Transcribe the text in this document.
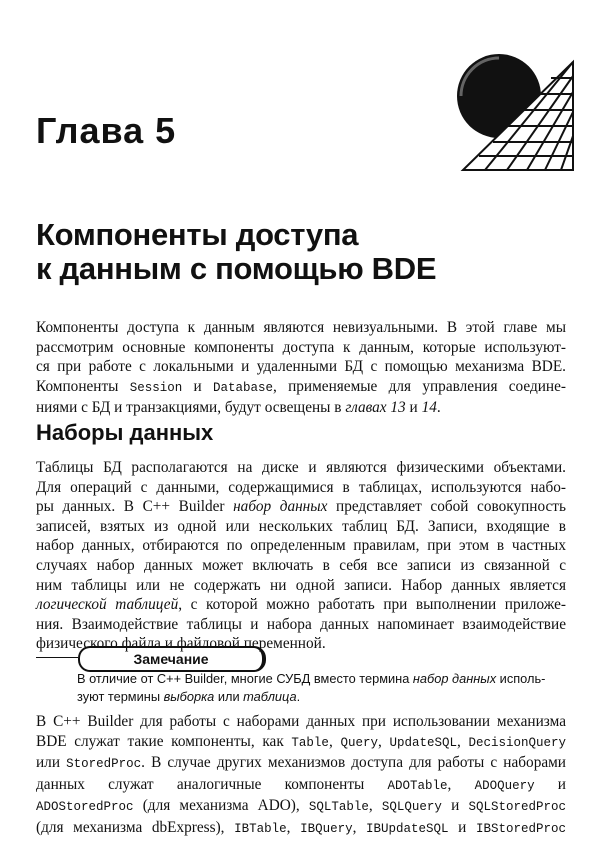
Глава 5
Компоненты доступа
к данным с помощью BDE

Компоненты доступа к данным являются невизуальными. В этой главе мы
рассмотрим основные компоненты доступа к данным, которые используют-
ся при работе с локальными и удаленными БД с помощью механизма BDE.
Компоненты Session и Database, применяемые для управления соедине-
ниями с БД и транзакциями, будут освещены в главах 13 и 14.

Наборы данных

Таблицы БД располагаются на диске и являются физическими объектами.
Для операций с данными, содержащимися в таблицах, используются набо-
ры данных. В C++ Builder набор данных представляет собой совокупность
записей, взятых из одной или нескольких таблиц БД. Записи, входящие в
набор данных, отбираются по определенным правилам, при этом в частных
случаях набор данных может включать в себя все записи из связанной с
ним таблицы или не содержать ни одной записи. Набор данных является
логической таблицей, с которой можно работать при выполнении приложе-
ния. Взаимодействие таблицы и набора данных напоминает взаимодействие
физического файла и файловой переменной.

Замечание

В отличие от C++ Builder, многие СУБД вместо термина набор данных исполь-
зуют термины выборка или таблица.

В C++ Builder для работы с наборами данных при использовании механизма
BDE служат такие компоненты, как Table, Query, UpdateSQL, DecisionQuery
или StoredProc. В случае других механизмов доступа для работы с наборами
данных служат аналогичные компоненты ADOTable, ADOQuery и
ADOStoredProc (для механизма ADO), SQLTable, SQLQuery и SQLStoredProc
(для механизма dbExpress), IBTable, IBQuery, IBUpdateSQL и IBStoredProc
